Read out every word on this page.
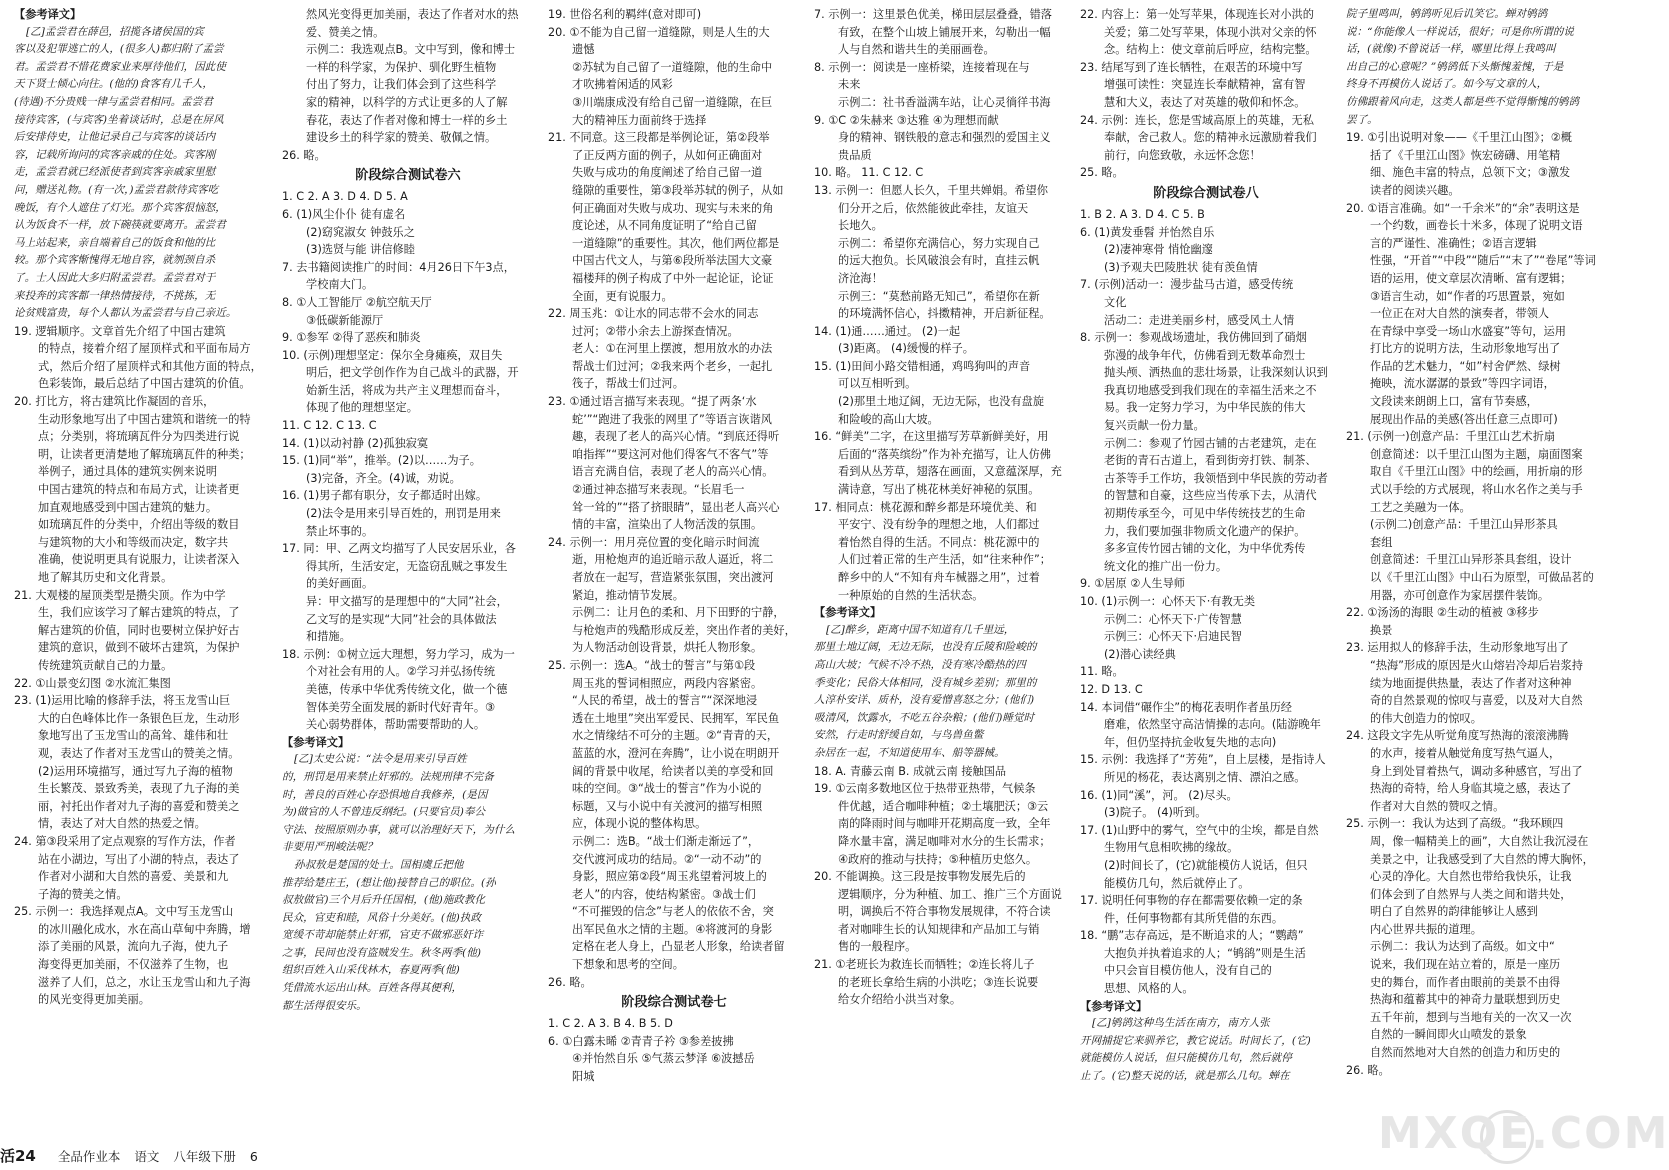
【参考译文】
[乙]孟尝君在薛邑，招揽各诸侯国的宾
客以及犯罪逃亡的人，(很多人)都归附了孟尝
君。孟尝君不惜花费家业来厚待他们，因此使
天下贤士倾心向往。(他的)食客有几千人，
(待遇)不分贵贱一律与孟尝君相同。孟尝君
接待宾客，(与宾客)坐着谈话时，总是在屏风
后安排侍史，让他记录自己与宾客的谈话内
容，记载所询问的宾客亲戚的住处。宾客刚
走，孟尝君就已经派使者到宾客亲戚家里慰
问，赠送礼物。(有一次，)孟尝君款待宾客吃
晚饭，有个人遮住了灯光。那个宾客很恼怒，
认为饭食不一样，放下碗筷就要离开。孟尝君
马上站起来，亲自端着自己的饭食和他的比
较。那个宾客惭愧得无地自容，就刎颈自杀
了。士人因此大多归附孟尝君。孟尝君对于
来投奔的宾客都一律热情接待，不挑拣，无
论贫贱富贵，每个人都认为孟尝君与自己亲近。
19. 逻辑顺序。文章首先介绍了中国古建筑
的特点，接着介绍了屋顶样式和平面布局方
式，然后介绍了屋顶样式和其他方面的特点，
色彩装饰，最后总结了中国古建筑的价值。
20. 打比方，将古建筑比作凝固的音乐，
生动形象地写出了中国古建筑和谐统一的特
点；分类别，将琉璃瓦件分为四类进行说
明，让读者更清楚地了解琉璃瓦件的种类；
举例子，通过具体的建筑实例来说明
中国古建筑的特点和布局方式，让读者更
加直观地感受到中国古建筑的魅力。
如琉璃瓦件的分类中，介绍出等级的数目
与建筑物的大小和等级而决定，数字共
准确，使说明更具有说服力，让读者深入
地了解其历史和文化背景。
21. 大观楼的屋顶类型是攒尖顶。作为中学
生，我们应该学习了解古建筑的特点，了
解古建筑的价值，同时也要树立保护好古
建筑的意识，做到不破坏古建筑，为保护
传统建筑贡献自己的力量。
22. ①山景变幻图 ②水流汇集图
23. (1)运用比喻的修辞手法，将玉龙雪山巨
大的白色峰体比作一条银色巨龙，生动形
象地写出了玉龙雪山的高耸、雄伟和壮
观，表达了作者对玉龙雪山的赞美之情。
(2)运用环境描写，通过写九子海的植物
生长繁茂、景致秀美，表现了九子海的美
丽，衬托出作者对九子海的喜爱和赞美之
情，表达了对大自然的热爱之情。
24. 第③段采用了定点观察的写作方法，作者
站在小湖边，写出了小湖的特点，表达了
作者对小湖和大自然的喜爱、美景和九
子海的赞美之情。
25. 示例一：我选择观点A。文中写玉龙雪山
的冰川融化成水，水在高山草甸中奔腾，增
添了美丽的风景，流向九子海，使九子
海变得更加美丽，不仅滋养了生物，也
滋养了人们，总之，水让玉龙雪山和九子海
的风光变得更加美丽。
然风光变得更加美丽，表达了作者对水的热
爱、赞美之情。
示例二：我选观点B。文中写到，像和博士
一样的科学家，为保护、驯化野生植物
付出了努力，让我们体会到了这些科学
家的精神，以科学的方式让更多的人了解
春花，表达了作者对像和博士一样的乡土
建设乡土的科学家的赞美、敬佩之情。
26. 略。
阶段综合测试卷六
1. C 2. A 3. D 4. D 5. A
6. (1)风尘仆仆 徒有虚名
(2)窈窕淑女 钟鼓乐之
(3)选贤与能 讲信修睦
7. 去书籍阅读推广的时间：4月26日下午3点，
学校南大门。
8. ①人工智能厅 ②航空航天厅
③低碳新能源厅
9. ①参军 ②得了恶疾和肺炎
10. (示例)理想坚定：保尔全身瘫痪，双目失
明后，把文学创作作为自己战斗的武器，开
始新生活，将成为共产主义理想而奋斗，
体现了他的理想坚定。
11. C 12. C 13. C
14. (1)以动衬静 (2)孤独寂寞
15. (1)同“举”，推举。(2)以……为子。
(3)完备，齐全。(4)诚，劝说。
16. (1)男子都有职分，女子都适时出嫁。
(2)法令是用来引导百姓的，刑罚是用来
禁止坏事的。
17. 同：甲、乙两文均描写了人民安居乐业，各
得其所，生活安定，无盗窃乱贼之事发生
的美好画面。
异：甲文描写的是理想中的“大同”社会，
乙文写的是实现“大同”社会的具体做法
和措施。
18. 示例：①树立远大理想，努力学习，成为一
个对社会有用的人。②学习并弘扬传统
美德，传承中华优秀传统文化，做一个德
智体美劳全面发展的新时代好青年。③
关心弱势群体，帮助需要帮助的人。
【参考译文】
[乙]太史公说：“法令是用来引导百姓
的，刑罚是用来禁止奸邪的。法规刑律不完备
时，善良的百姓心存恐惧地自我修养，(是因
为)做官的人不曾违反纲纪。(只要官员)奉公
守法、按照原则办事，就可以治理好天下，为什么
非要用严刑峻法呢？
孙叔敖是楚国的处士。国相虞丘把他
推荐给楚庄王，(想让他)接替自己的职位。(孙
叔敖做官)三个月后升任国相，(他)施政教化
民众，官吏和睦，风俗十分美好。(他)执政
宽缓不苛却能禁止奸邪，官吏不做邪恶奸诈
之事，民间也没有盗贼发生。秋冬两季(他)
组织百姓入山采伐林木，春夏两季(他)
凭借流水运出山林。百姓各得其便利，
都生活得很安乐。
19. 世俗名利的羁绊(意对即可)
20. ①不能为自己留一道缝隙，则是人生的大
遗憾
②苏轼为自己留了一道缝隙，他的生命中
才吹拂着闲适的风彩
③川端康成没有给自己留一道缝隙，在巨
大的精神压力面前终于选择
21. 不同意。这三段都是举例论证，第②段举
了正反两方面的例子，从如何正确面对
失败与成功的角度阐述了给自己留一道
缝隙的重要性，第③段举苏轼的例子，从如
何正确面对失败与成功、现实与未来的角
度论述，从不同角度证明了“给自己留
一道缝隙”的重要性。其次，他们两位都是
中国古代文人，与第⑥段所举法国大文豪
福楼拜的例子构成了中外一起论证，论证
全面，更有说服力。
22. 周玉兆：①让水的同志带不会水的同志
过河；②带小余去上游探查情况。
老人：①在河里上摆渡，想用放水的办法
帮战士们过河；②我来两个老乡，一起扎
筏子，帮战士们过河。
23. ①通过语言描写来表现。“提了两条‘水
蛇’”“跑进了我张的网里了”等语言诙谐风
趣，表现了老人的高兴心情。“到底还得听
咱指挥”“要这河对他们得客气不客气”等
语言充满自信，表现了老人的高兴心情。
②通过神态描写来表现。“长眉毛一
耸一耸的”“搭了挤眼睛”，显出老人高兴心
情的丰富，渲染出了人物活泼的氛围。
24. 示例一：用月亮位置的变化暗示时间流
逝，用枪炮声的追近暗示敌人逼近，将二
者放在一起写，营造紧张氛围，突出渡河
紧迫，推动情节发展。
示例二：让月色的柔和、月下田野的宁静，
与枪炮声的残酷形成反差，突出作者的美好，
为人物活动创设背景，烘托人物形象。
25. 示例一：选A。“战士的誓言”与第①段
周玉兆的誓词相照应，两段内容紧密。
“人民的希望，战士的誓言”“深深地浸
透在土地里”突出军爱民、民拥军，军民鱼
水之情缘结不可分的主题。②“青青的天，
蓝蓝的水，澄河在奔腾”，让小说在明朗开
阔的背景中收尾，给读者以美的享受和回
味的空间。③“战士的誓言”作为小说的
标题，又与小说中有关渡河的描写相照
应，体现小说的整体构思。
示例二：选B。“战士们渐走渐远了”，
交代渡河成功的结局。②“一动不动”的
身影，照应第②段“周玉兆望着河坡上的
老人”的内容，使结构紧密。③战士们
“不可摧毁的信念”与老人的依依不舍，突
出军民鱼水之情的主题。④将渡河的身影
定格在老人身上，凸显老人形象，给读者留
下想象和思考的空间。
26. 略。
阶段综合测试卷七
1. C 2. A 3. B 4. B 5. D
6. ①白露未晞 ②青青子衿 ③参差披拂
④并怡然自乐 ⑤气蒸云梦泽 ⑥波撼岳
阳城
7. 示例一：这里景色优美，梯田层层叠叠，错落
有致，在整个山坡上铺展开来，勾勒出一幅
人与自然和谐共生的美丽画卷。
8. 示例一：阅读是一座桥梁，连接着现在与
未来
示例二：社书香溢满车站，让心灵徜徉书海
9. ①C ②朱赫来 ③达雅 ④为理想而献
身的精神、钢铁般的意志和强烈的爱国主义
贵品质
10. 略。 11. C 12. C
13. 示例一：但愿人长久，千里共婵娟。希望你
们分开之后，依然能彼此牵挂，友谊天
长地久。
示例二：希望你充满信心，努力实现自己
的远大抱负。长风破浪会有时，直挂云帆
济沧海！
示例三：“莫愁前路无知己”，希望你在新
的环境满怀信心，抖擞精神，开启新征程。
14. (1)通……通过。 (2)一起
(3)距离。 (4)缓慢的样子。
15. (1)田间小路交错相通，鸡鸣狗叫的声音
可以互相听到。
(2)那里土地辽阔，无边无际，也没有盘旋
和险峻的高山大坡。
16. “鲜美”二字，在这里描写芳草新鲜美好，用
后面的“落英缤纷”作为补充描写，让人仿佛
看到从丛芳草，翅落在画面，又意蕴深厚，充
满诗意，写出了桃花林美好神秘的氛围。
17. 相同点：桃花源和醉乡都是环境优美、和
平安宁、没有纷争的理想之地，人们都过
着怡然自得的生活。不同点：桃花源中的
人们过着正常的生产生活，如“往来种作”；
醉乡中的人“不知有舟车械器之用”，过着
一种原始的自然的生活状态。
【参考译文】
[乙]醉乡，距离中国不知道有几千里远，
那里土地辽阔，无边无际，也没有丘陵和险峻的
高山大坡；气候不冷不热，没有寒冷酷热的四
季变化；民俗大体相同，没有城乡差别；那里的
人淳朴安详、质朴，没有爱憎喜怒之分；(他们)
吸清风，饮露水，不吃五谷杂粮；(他们)睡觉时
安然，行走时舒缓自如，与鸟兽鱼鳖
杂居在一起，不知道使用车、船等器械。
18. A. 青藤云南 B. 成就云南 接触国品
19. ①云南多数地区位于热带亚热带，气候条
件优越，适合咖啡种植；②土壤肥沃；③云
南的降雨时间与咖啡开花期高度一致，全年
降水量丰富，满足咖啡对水分的生长需求；
④政府的推动与扶持；⑤种植历史悠久。
20. 不能调换。这三段是按事物发展先后的
逻辑顺序，分为种植、加工、推广三个方面说
明，调换后不符合事物发展规律，不符合读
者对咖啡生长的认知规律和产品加工与销
售的一般程序。
21. ①老班长为救连长而牺牲；②连长将儿子
的老班长拿给生病的小洪吃；③连长说要
给女介绍给小洪当对象。
22. 内容上：第一处写苹果，体现连长对小洪的
关爱；第二处写苹果，体现小洪对父亲的怀
念。结构上：使文章前后呼应，结构完整。
23. 结尾写到了连长牺牲，在艰苦的环境中写
增强可读性：突显连长奉献精神，富有智
慧和大义，表达了对英雄的敬仰和怀念。
24. 示例：连长，您是雪域高原上的英雄，无私
奉献，舍己救人。您的精神永远激励着我们
前行，向您致敬，永远怀念您！
25. 略。
阶段综合测试卷八
1. B 2. A 3. D 4. C 5. B
6. (1)黄发垂髫 并怡然自乐
(2)凄神寒骨 悄怆幽邃
(3)予观夫巴陵胜状 徒有羡鱼情
7. (示例)活动一：漫步盐马古道，感受传统
文化
活动二：走进美丽乡村，感受风土人情
8. 示例一：参观战场遗址，我仿佛回到了硝烟
弥漫的战争年代，仿佛看到无数革命烈士
抛头颅、洒热血的悲壮场景，让我深刻认识到
我真切地感受到我们现在的幸福生活来之不
易。我一定努力学习，为中华民族的伟大
复兴贡献一份力量。
示例二：参观了竹园古铺的古老建筑，走在
老街的青石古道上，看到街旁打铁、制茶、
古茶等手工作坊，我领悟到中华民族的劳动者
的智慧和自豪，这些应当传承下去，从清代
初期传承至今，可见中华传统技艺的生命
力，我们要加强非物质文化遗产的保护。
多多宣传竹园古铺的文化，为中华优秀传
统文化的推广出一份力。
9. ①居原 ②人生导师
10. (1)示例一：心怀天下·有教无类
示例二：心怀天下·广传智慧
示例三：心怀天下·启迪民智
(2)潜心读经典
11. 略。
12. D 13. C
14. 本词借“碾作尘”的梅花表明作者虽历经
磨难，依然坚守高洁情操的志向。(陆游晚年
年，但仍坚持抗金收复失地的志向)
15. 示例：我选择了“芳苑”，自上层楼，是指诗人
所见的杨花，表达离别之情、漂泊之感。
16. (1)同“溪”，河。 (2)尽头。
(3)院子。 (4)听到。
17. (1)山野中的雾气，空气中的尘埃，都是自然
生物用气息相吹拂的缘故。
(2)时间长了，(它)就能模仿人说话，但只
能模仿几句，然后就停止了。
17. 说明任何事物的存在都需要依赖一定的条
件，任何事物都有其所凭借的东西。
18. “鹏”志存高远，是不断追求的人；“鹦鹉”
大抱负并执着追求的人；“鸲鹆”则是生活
中只会盲目模仿他人，没有自己的
思想、风格的人。
【参考译文】
[乙]鸲鹆这种鸟生活在南方，南方人张
开网捕捉它来驯养它，教它说话。时间长了，(它)
就能模仿人说话，但只能模仿几句，然后就停
止了。(它)整天说的话，就是那么几句。蝉在
院子里鸣叫，鸲鹆听见后讥笑它。蝉对鸲鹆
说：“你能像人一样说话，很好；可是你所谓的说
话，(就像)不曾说话一样，哪里比得上我鸣叫
出自己的心意呢？”鸲鹆低下头惭愧羞愧，于是
终身不再模仿人说话了。如今写文章的人，
仿佛跟着风向走，这类人都是些不觉得惭愧的鸲鹆
罢了。
19. ①引出说明对象——《千里江山图》；②概
括了《千里江山图》恢宏磅礴、用笔精
细、施色丰富的特点，总领下文；③激发
读者的阅读兴趣。
20. ①语言准确。如“一千余米”的“余”表明这是
一个约数，画卷长十米多，体现了说明文语
言的严谨性、准确性；②语言逻辑
性强，“开首”“中段”“随后”“末了”“卷尾”等词
语的运用，使文章层次清晰、富有逻辑；
③语言生动，如“作者的巧思置景，宛如
一位正在对大自然的演奏者，带领人
在青绿中享受一场山水盛宴”等句，运用
打比方的说明方法，生动形象地写出了
作品的艺术魅力，“如”村舍俨然、绿树
掩映，流水潺潺的景致”等四字词语，
文段读来朗朗上口，富有节奏感，
展现出作品的美感(答出任意三点即可)
21. (示例一)创意产品：千里江山艺术折扇
创意简述：以千里江山图为主题，扇面图案
取自《千里江山图》中的绘画，用折扇的形
式以手绘的方式展现，将山水名作之美与手
工艺之美融为一体。
(示例二)创意产品：千里江山异形茶具
套组
创意简述：千里江山异形茶具套组，设计
以《千里江山图》中山石为原型，可做品茗的
用器，亦可创意作为家居摆件装饰。
22. ①汤汤的海眼 ②生动的植被 ③移步
换景
23. 运用拟人的修辞手法，生动形象地写出了
“热海”形成的原因是火山熔岩冷却后岩浆持
续为地面提供热量，表达了作者对这种神
奇的自然景观的惊叹与喜爱，以及对大自然
的伟大创造力的惊叹。
24. 这段文字先从听觉角度写热海的滚滚沸腾
的水声，接着从触觉角度写热气逼人，
身上到处冒着热气，调动多种感官，写出了
热海的奇特，给人身临其境之感，表达了
作者对大自然的赞叹之情。
25. 示例一：我认为达到了高级。“我环顾四
周，像一幅精美上的画”，大自然让我沉浸在
美景之中，让我感受到了大自然的博大胸怀，
心灵的净化。大自然也带给我快乐，让我
们体会到了自然界与人类之间和谐共处，
明白了自然界的韵律能够让人感到
内心世界共振的道理。
示例二：我认为达到了高级。如文中“
说来，我们现在站立着的，原是一座历
史的舞台，而作者由眼前的美景不由得
热海和蕴蓄其中的神奇力量联想到历史
五千年前，想到与当地有关的一次又一次
自然的一瞬间即火山喷发的景象
自然而然地对大自然的创造力和历史的
26. 略。
活24 全品作业本 语文 八年级下册 6	MXQE.COM
